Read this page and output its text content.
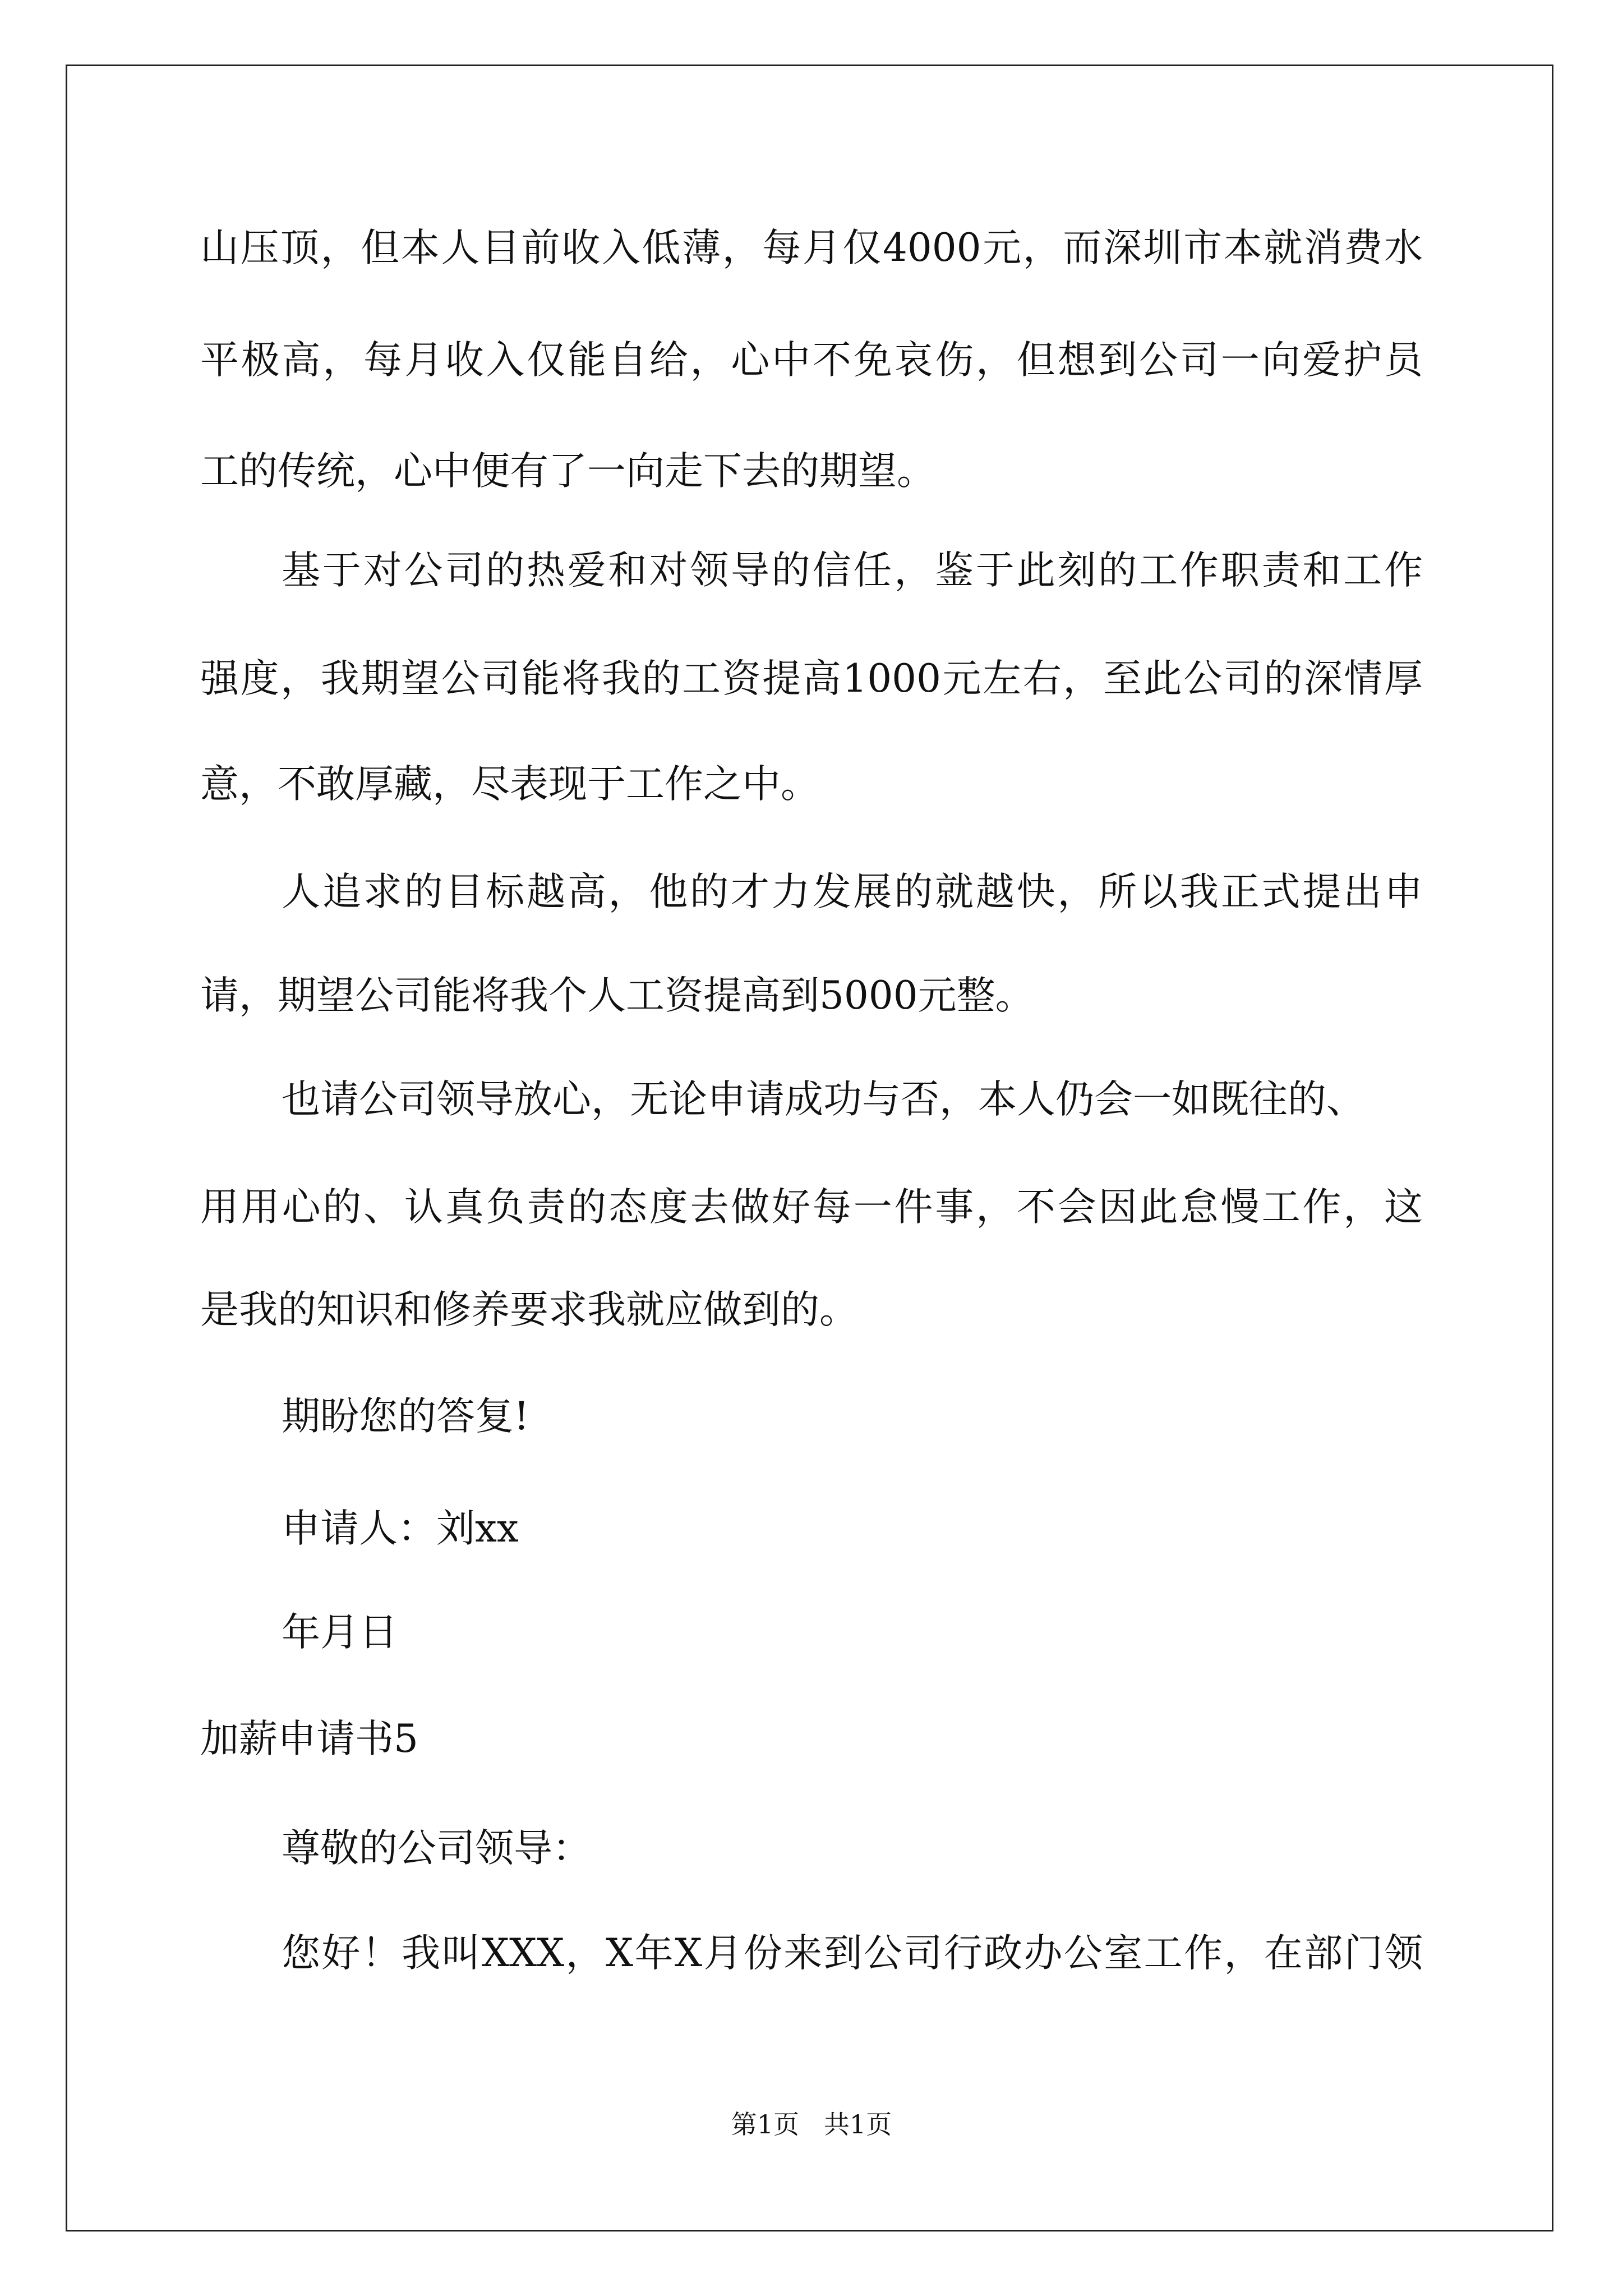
山压顶，但本人目前收入低薄，每月仅4000元，而深圳市本就消费水
平极高，每月收入仅能自给，心中不免哀伤，但想到公司一向爱护员
工的传统，心中便有了一向走下去的期望。
基于对公司的热爱和对领导的信任，鉴于此刻的工作职责和工作
强度，我期望公司能将我的工资提高1000元左右，至此公司的深情厚
意，不敢厚藏，尽表现于工作之中。
人追求的目标越高，他的才力发展的就越快，所以我正式提出申
请，期望公司能将我个人工资提高到5000元整。
也请公司领导放心，无论申请成功与否，本人仍会一如既往的、
用用心的、认真负责的态度去做好每一件事，不会因此怠慢工作，这
是我的知识和修养要求我就应做到的。
期盼您的答复!
申请人：刘xx
年月日
加薪申请书5
尊敬的公司领导：
您好！我叫XXX，X年X月份来到公司行政办公室工作，在部门领
第1页   共1页
